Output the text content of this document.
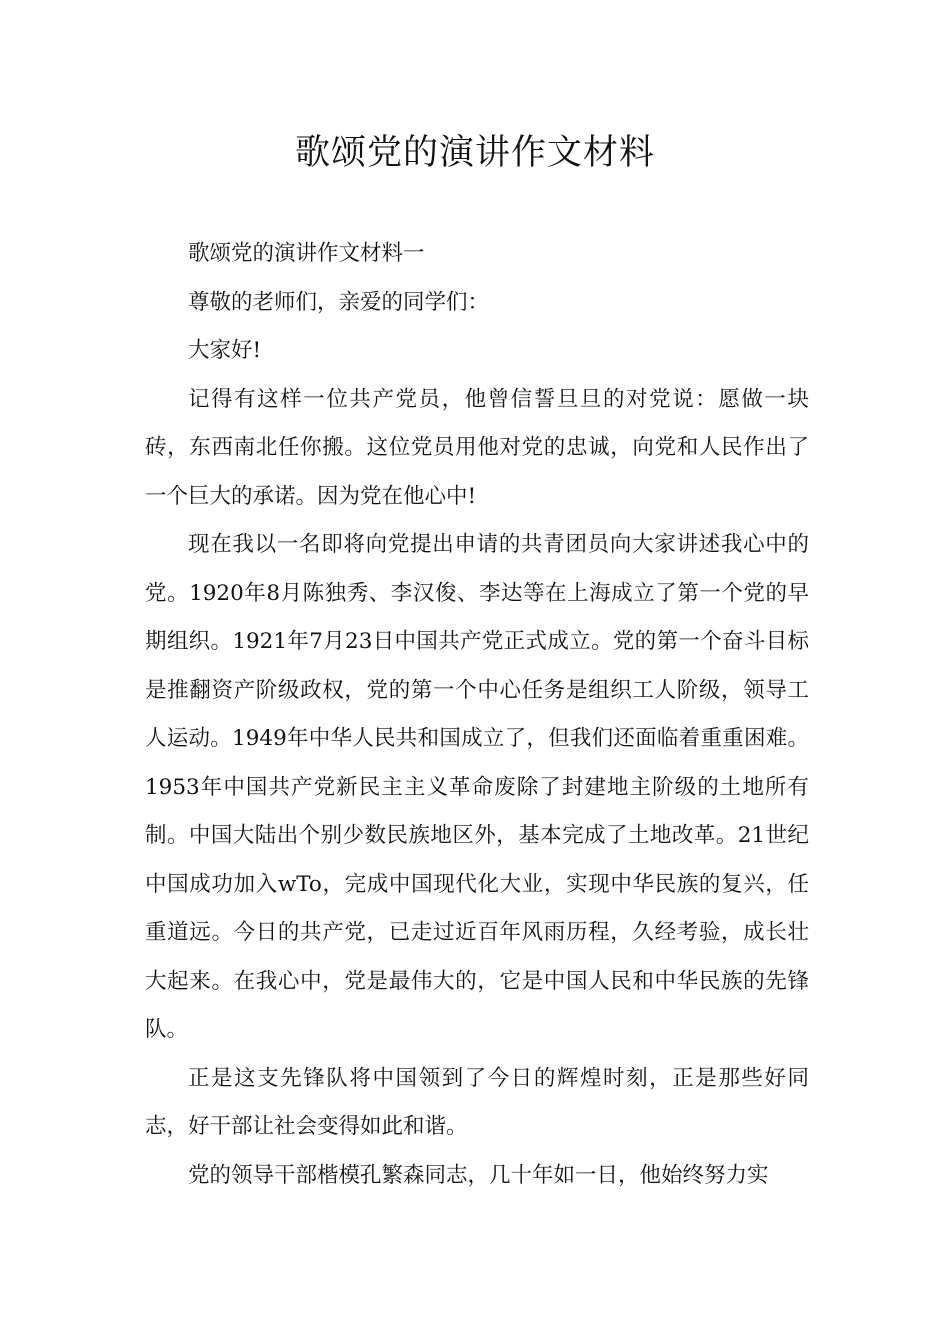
歌颂党的演讲作文材料

歌颂党的演讲作文材料一

尊敬的老师们，亲爱的同学们：

大家好!

记得有这样一位共产党员，他曾信誓旦旦的对党说：愿做一块砖，东西南北任你搬。这位党员用他对党的忠诚，向党和人民作出了一个巨大的承诺。因为党在他心中!

现在我以一名即将向党提出申请的共青团员向大家讲述我心中的党。1920年8月陈独秀、李汉俊、李达等在上海成立了第一个党的早期组织。1921年7月23日中国共产党正式成立。党的第一个奋斗目标是推翻资产阶级政权，党的第一个中心任务是组织工人阶级，领导工人运动。1949年中华人民共和国成立了，但我们还面临着重重困难。1953年中国共产党新民主主义革命废除了封建地主阶级的土地所有制。中国大陆出个别少数民族地区外，基本完成了土地改革。21世纪中国成功加入wTo，完成中国现代化大业，实现中华民族的复兴，任重道远。今日的共产党，已走过近百年风雨历程，久经考验，成长壮大起来。在我心中，党是最伟大的，它是中国人民和中华民族的先锋队。

正是这支先锋队将中国领到了今日的辉煌时刻，正是那些好同志，好干部让社会变得如此和谐。

党的领导干部楷模孔繁森同志，几十年如一日，他始终努力实
